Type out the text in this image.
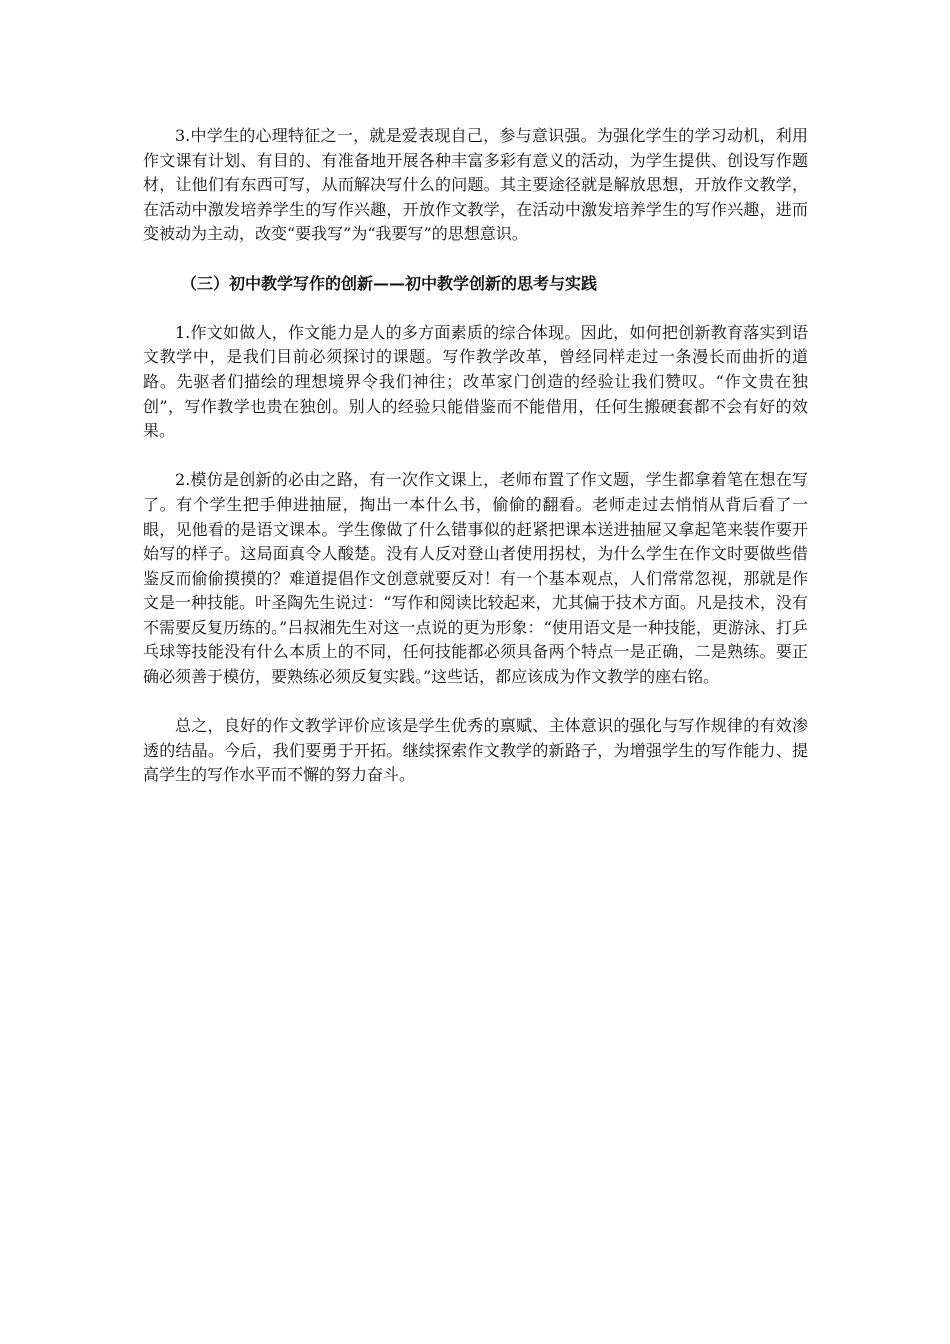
3.中学生的心理特征之一，就是爱表现自己，参与意识强。为强化学生的学习动机，利用作文课有计划、有目的、有准备地开展各种丰富多彩有意义的活动，为学生提供、创设写作题材，让他们有东西可写，从而解决写什么的问题。其主要途径就是解放思想，开放作文教学，在活动中激发培养学生的写作兴趣，开放作文教学，在活动中激发培养学生的写作兴趣，进而变被动为主动，改变“要我写”为“我要写”的思想意识。

（三）初中教学写作的创新——初中教学创新的思考与实践

1.作文如做人，作文能力是人的多方面素质的综合体现。因此，如何把创新教育落实到语文教学中，是我们目前必须探讨的课题。写作教学改革，曾经同样走过一条漫长而曲折的道路。先驱者们描绘的理想境界令我们神往；改革家门创造的经验让我们赞叹。“作文贵在独创”，写作教学也贵在独创。别人的经验只能借鉴而不能借用，任何生搬硬套都不会有好的效果。

2.模仿是创新的必由之路，有一次作文课上，老师布置了作文题，学生都拿着笔在想在写了。有个学生把手伸进抽屉，掏出一本什么书，偷偷的翻看。老师走过去悄悄从背后看了一眼，见他看的是语文课本。学生像做了什么错事似的赶紧把课本送进抽屉又拿起笔来装作要开始写的样子。这局面真令人酸楚。没有人反对登山者使用拐杖，为什么学生在作文时要做些借鉴反而偷偷摸摸的？难道提倡作文创意就要反对！有一个基本观点，人们常常忽视，那就是作文是一种技能。叶圣陶先生说过：“写作和阅读比较起来，尤其偏于技术方面。凡是技术，没有不需要反复历练的。”吕叔湘先生对这一点说的更为形象：“使用语文是一种技能，更游泳、打乒乓球等技能没有什么本质上的不同，任何技能都必须具备两个特点一是正确，二是熟练。要正确必须善于模仿，要熟练必须反复实践。”这些话，都应该成为作文教学的座右铭。

总之，良好的作文教学评价应该是学生优秀的禀赋、主体意识的强化与写作规律的有效渗透的结晶。今后，我们要勇于开拓。继续探索作文教学的新路子，为增强学生的写作能力、提高学生的写作水平而不懈的努力奋斗。
